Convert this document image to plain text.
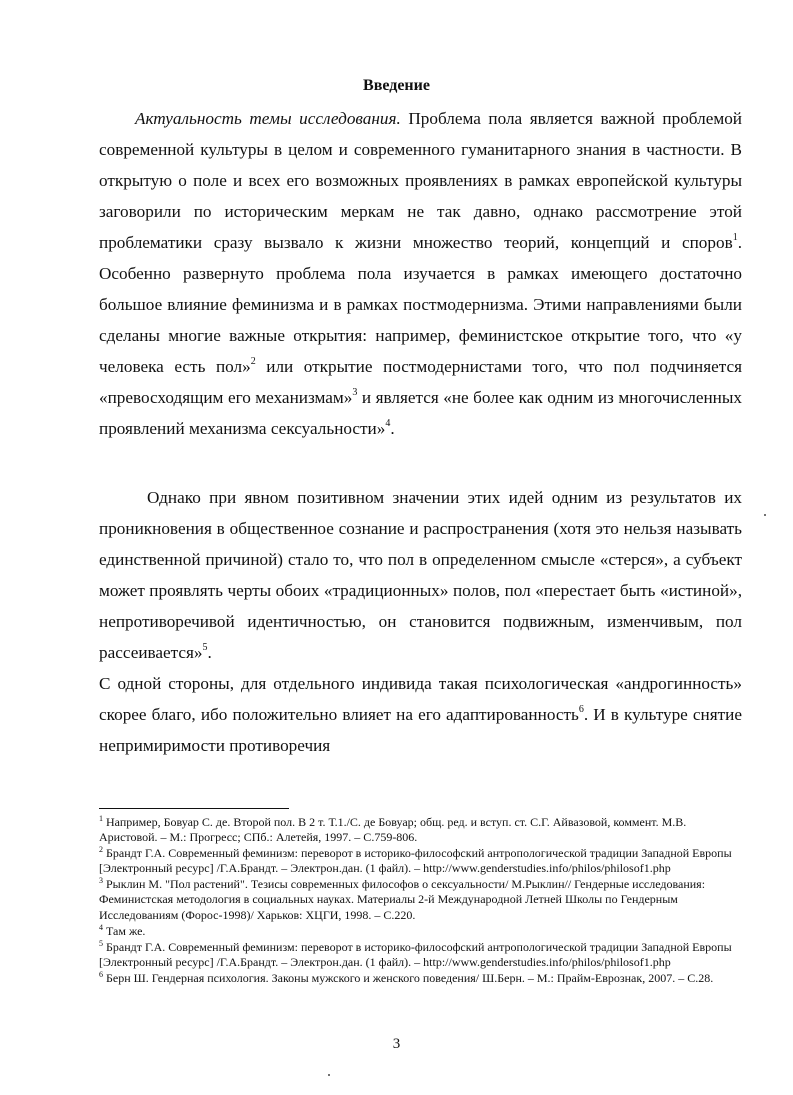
Введение

Актуальность темы исследования. Проблема пола является важной проблемой современной культуры в целом и современного гуманитарного знания в частности. В открытую о поле и всех его возможных проявлениях в рамках европейской культуры заговорили по историческим меркам не так давно, однако рассмотрение этой проблематики сразу вызвало к жизни множество теорий, концепций и споров$^1$. Особенно развернуто проблема пола изучается в рамках имеющего достаточно большое влияние феминизма и в рамках постмодернизма. Этими направлениями были сделаны многие важные открытия: например, феминистское открытие того, что «у человека есть пол»$^2$ или открытие постмодернистами того, что пол подчиняется «превосходящим его механизмам»$^3$ и является «не более как одним из многочисленных проявлений механизма сексуальности»$^4$.

Однако при явном позитивном значении этих идей одним из результатов их проникновения в общественное сознание и распространения (хотя это нельзя называть единственной причиной) стало то, что пол в определенном смысле «стерся», а субъект может проявлять черты обоих «традиционных» полов, пол «перестает быть «истиной», непротиворечивой идентичностью, он становится подвижным, изменчивым, пол рассеивается»$^5$.

С одной стороны, для отдельного индивида такая психологическая «андрогинность» скорее благо, ибо положительно влияет на его адаптированность$^6$. И в культуре снятие непримиримости противоречия

$^1$ Например, Бовуар С. де. Второй пол. В 2 т. Т.1./С. де Бовуар; общ. ред. и вступ. ст. С.Г. Айвазовой, коммент. М.В. Аристовой. – М.: Прогресс; СПб.: Алетейя, 1997. – С.759-806.

$^2$ Брандт Г.А. Современный феминизм: переворот в историко-философский антропологической традиции Западной Европы [Электронный ресурс] /Г.А.Брандт. – Электрон.дан. (1 файл). – http://www.genderstudies.info/philos/philosof1.php

$^3$ Рыклин М. "Пол растений". Тезисы современных философов о сексуальности/ М.Рыклин// Гендерные исследования: Феминистская методология в социальных науках. Материалы 2-й Международной Летней Школы по Гендерным Исследованиям (Форос-1998)/ Харьков: ХЦГИ, 1998. – С.220.

$^4$ Там же.

$^5$ Брандт Г.А. Современный феминизм: переворот в историко-философский антропологической традиции Западной Европы [Электронный ресурс] /Г.А.Брандт. – Электрон.дан. (1 файл). – http://www.genderstudies.info/philos/philosof1.php

$^6$ Берн Ш. Гендерная психология. Законы мужского и женского поведения/ Ш.Берн. – М.: Прайм-Еврознак, 2007. – С.28.

3
